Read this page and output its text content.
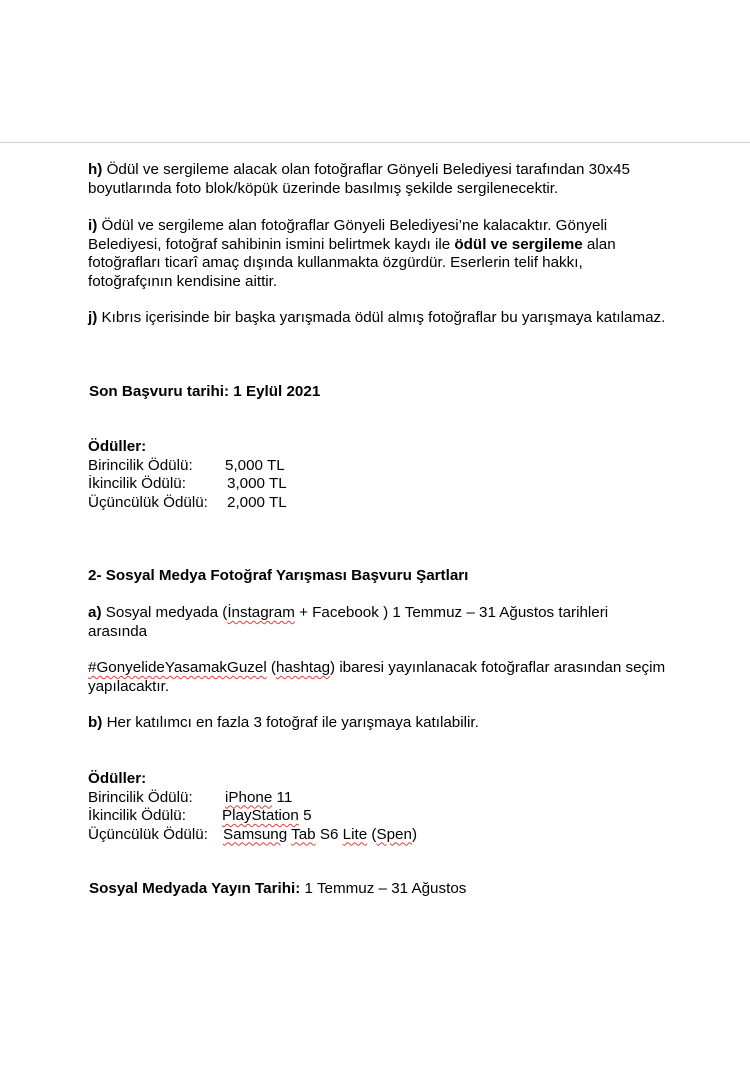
h) Ödül ve sergileme alacak olan fotoğraflar Gönyeli Belediyesi tarafından 30x45 boyutlarında foto blok/köpük üzerinde basılmış şekilde sergilenecektir.
i) Ödül ve sergileme alan fotoğraflar Gönyeli Belediyesi’ne kalacaktır. Gönyeli Belediyesi, fotoğraf sahibinin ismini belirtmek kaydı ile ödül ve sergileme alan fotoğrafları ticarî amaç dışında kullanmakta özgürdür. Eserlerin telif hakkı, fotoğrafçının kendisine aittir.
j) Kıbrıs içerisinde bir başka yarışmada ödül almış fotoğraflar bu yarışmaya katılamaz.
Son Başvuru tarihi: 1 Eylül 2021
Ödüller:
Birincilik Ödülü: 5,000 TL
İkincilik Ödülü:	3,000 TL
Üçüncülük Ödülü: 2,000 TL
2- Sosyal Medya Fotoğraf Yarışması Başvuru Şartları
a) Sosyal medyada (İnstagram + Facebook ) 1 Temmuz – 31 Ağustos tarihleri arasında
#GonyelideYasamakGuzel (hashtag) ibaresi yayınlanacak fotoğraflar arasından seçim yapılacaktır.
b) Her katılımcı en fazla 3 fotoğraf ile yarışmaya katılabilir.
Ödüller:
Birincilik Ödülü: iPhone 11
İkincilik Ödülü: PlayStation 5
Üçüncülük Ödülü: Samsung Tab S6 Lite (Spen)
Sosyal Medyada Yayın Tarihi: 1 Temmuz – 31 Ağustos
